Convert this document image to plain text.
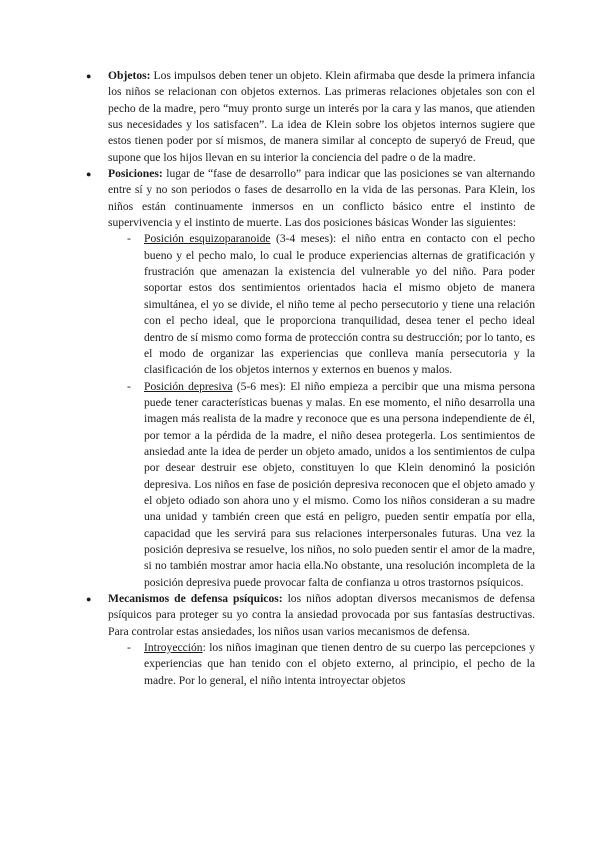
● Objetos: Los impulsos deben tener un objeto. Klein afirmaba que desde la primera infancia los niños se relacionan con objetos externos. Las primeras relaciones objetales son con el pecho de la madre, pero “muy pronto surge un interés por la cara y las manos, que atienden sus necesidades y los satisfacen”. La idea de Klein sobre los objetos internos sugiere que estos tienen poder por sí mismos, de manera similar al concepto de superyó de Freud, que supone que los hijos llevan en su interior la conciencia del padre o de la madre.
● Posiciones: lugar de “fase de desarrollo” para indicar que las posiciones se van alternando entre sí y no son periodos o fases de desarrollo en la vida de las personas. Para Klein, los niños están continuamente inmersos en un conflicto básico entre el instinto de supervivencia y el instinto de muerte. Las dos posiciones básicas Wonder las siguientes:
- Posición esquizoparanoide (3-4 meses): el niño entra en contacto con el pecho bueno y el pecho malo, lo cual le produce experiencias alternas de gratificación y frustración que amenazan la existencia del vulnerable yo del niño. Para poder soportar estos dos sentimientos orientados hacia el mismo objeto de manera simultánea, el yo se divide, el niño teme al pecho persecutorio y tiene una relación con el pecho ideal, que le proporciona tranquilidad, desea tener el pecho ideal dentro de sí mismo como forma de protección contra su destrucción; por lo tanto, es el modo de organizar las experiencias que conlleva manía persecutoria y la clasificación de los objetos internos y externos en buenos y malos.
- Posición depresiva (5-6 mes): El niño empieza a percibir que una misma persona puede tener características buenas y malas. En ese momento, el niño desarrolla una imagen más realista de la madre y reconoce que es una persona independiente de él, por temor a la pérdida de la madre, el niño desea protegerla. Los sentimientos de ansiedad ante la idea de perder un objeto amado, unidos a los sentimientos de culpa por desear destruir ese objeto, constituyen lo que Klein denominó la posición depresiva. Los niños en fase de posición depresiva reconocen que el objeto amado y el objeto odiado son ahora uno y el mismo. Como los niños consideran a su madre una unidad y también creen que está en peligro, pueden sentir empatía por ella, capacidad que les servirá para sus relaciones interpersonales futuras. Una vez la posición depresiva se resuelve, los niños, no solo pueden sentir el amor de la madre, si no también mostrar amor hacia ella.No obstante, una resolución incompleta de la posición depresiva puede provocar falta de confianza u otros trastornos psíquicos.
● Mecanismos de defensa psíquicos: los niños adoptan diversos mecanismos de defensa psíquicos para proteger su yo contra la ansiedad provocada por sus fantasías destructivas. Para controlar estas ansiedades, los niños usan varios mecanismos de defensa.
- Introyección: los niños imaginan que tienen dentro de su cuerpo las percepciones y experiencias que han tenido con el objeto externo, al principio, el pecho de la madre. Por lo general, el niño intenta introyectar objetos
